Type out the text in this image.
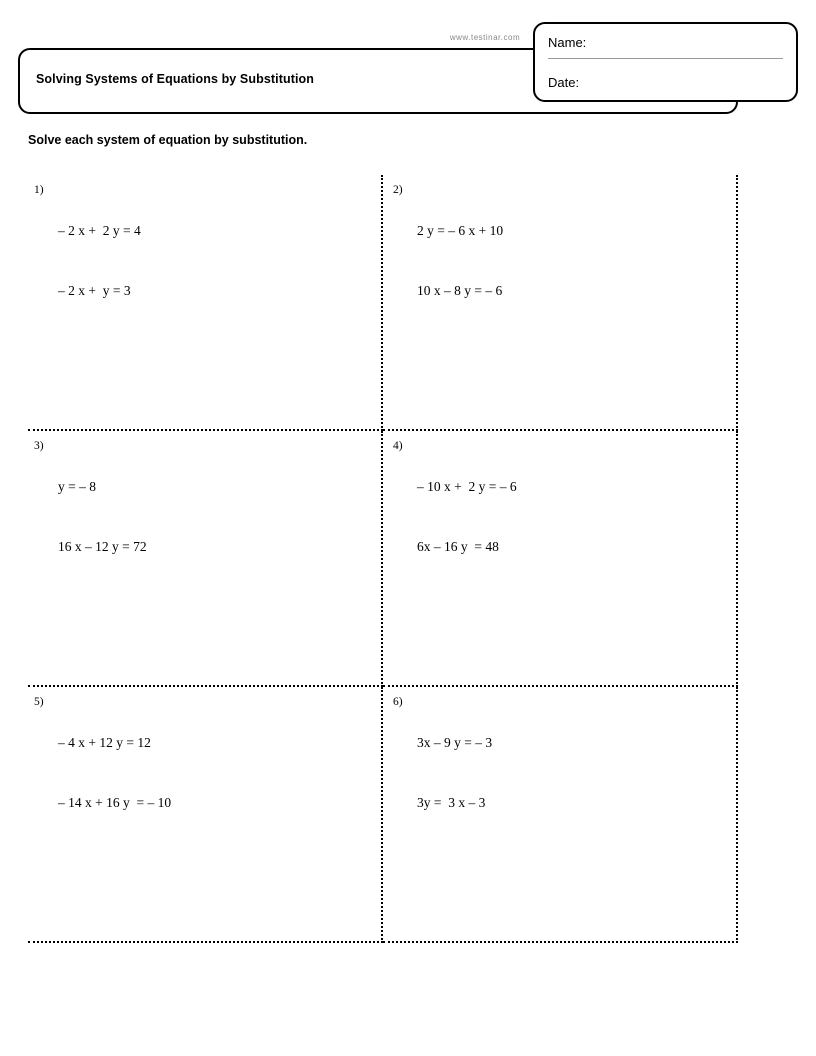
www.testinar.com
Solving Systems of Equations by Substitution
Name:
Date:
Solve each system of equation by substitution.
1)

– 2 x +  2 y = 4

– 2 x +  y = 3

2)

2 y = – 6 x + 10

10 x – 8 y = – 6

3)

y = – 8

16 x – 12 y = 72

4)

– 10 x +  2 y = – 6

6x – 16 y  = 48

5)

– 4 x + 12 y = 12

– 14 x + 16 y  = – 10

6)

3x – 9 y = – 3

3y =  3 x – 3
